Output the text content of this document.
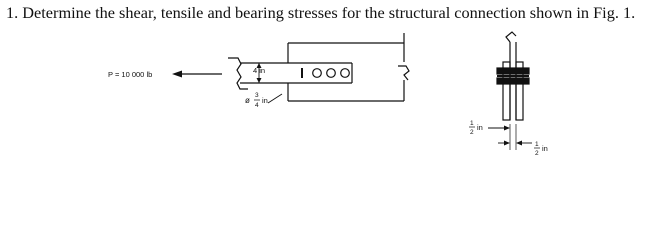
1. Determine the shear, tensile and bearing stresses for the structural connection shown in Fig. 1.
P = 10 000 lb	4 in
ø
3
4
in
1
2
in
1
2
in
